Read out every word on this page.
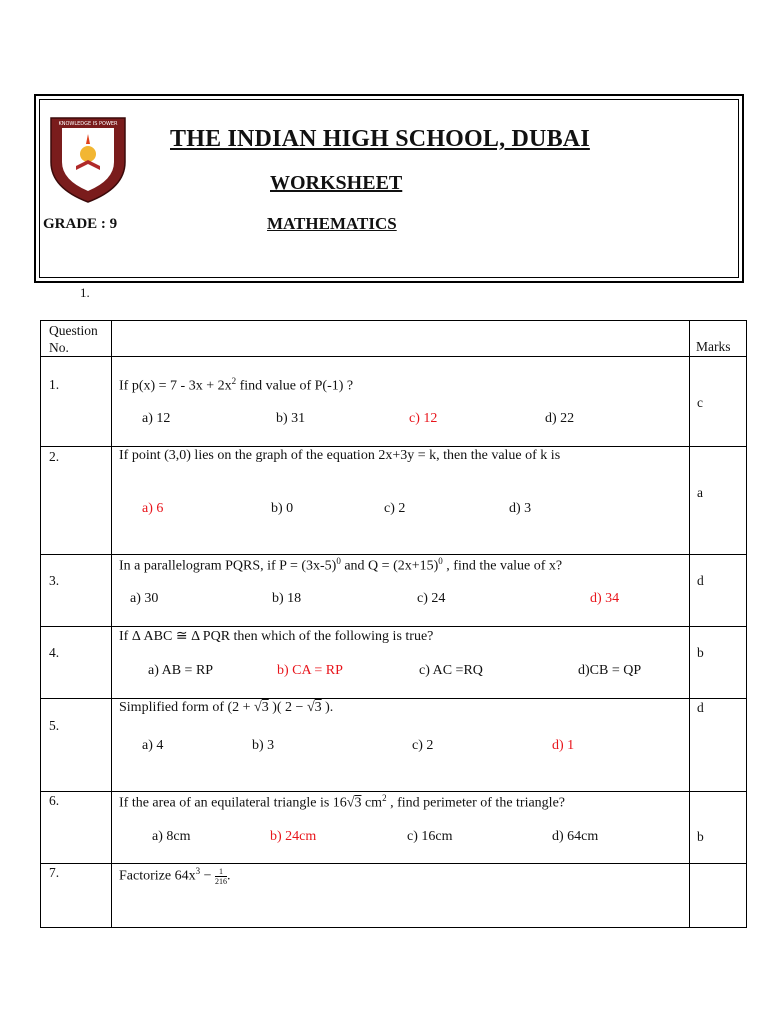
KNOWLEDGE IS POWER
THE INDIAN HIGH SCHOOL, DUBAI
WORKSHEET
GRADE : 9	MATHEMATICS
1.
Question No.		Marks

1.	If $p(x) = 7 - 3x + 2x^2$ find value of P(-1) ?
a) 12 b) 31 c) 12 d) 22	c

2.	If point (3,0) lies on the graph of the equation 2x+3y = k, then the value of k is
a) 6 b) 0 c) 2 d) 3	a

3.	In a parallelogram PQRS, if $P = (3x-5)^0$ and $Q = (2x+15)^0$ , find the value of x?
a) 30 b) 18 c) 24 d) 34	d

4.	If Δ ABC ≅ Δ PQR then which of the following is true?
a) AB = RP b) CA = RP c) AC =RQ d)CB = QP	b

5.	Simplified form of (2 + √3 )( 2 − √3 ).
a) 4 b) 3 c) 2 d) 1	d

6.	If the area of an equilateral triangle is 16√3 $cm^2$ , find perimeter of the triangle?
a) 8cm b) 24cm c) 16cm d) 64cm	b

7.	Factorize $64x^3 - \frac{1}{216}$ .	
